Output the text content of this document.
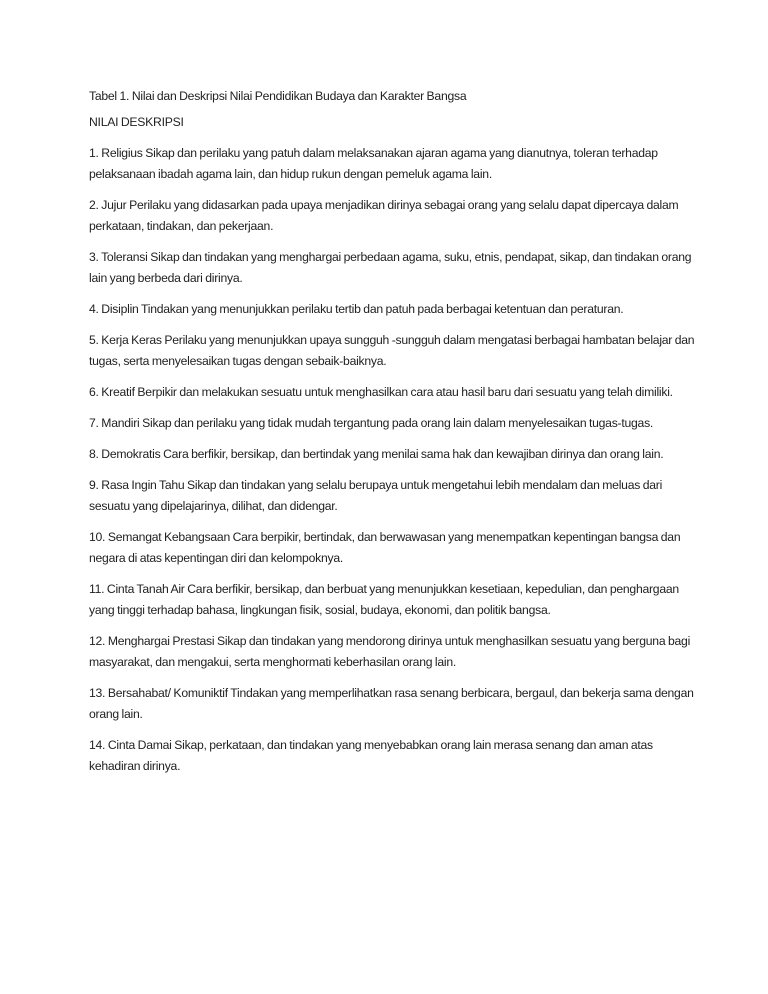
Tabel 1. Nilai dan Deskripsi Nilai Pendidikan Budaya dan Karakter Bangsa

NILAI DESKRIPSI

1. Religius Sikap dan perilaku yang patuh dalam melaksanakan ajaran agama yang dianutnya, toleran terhadap pelaksanaan ibadah agama lain, dan hidup rukun dengan pemeluk agama lain.
2. Jujur Perilaku yang didasarkan pada upaya menjadikan dirinya sebagai orang yang selalu dapat dipercaya dalam perkataan, tindakan, dan pekerjaan.
3. Toleransi Sikap dan tindakan yang menghargai perbedaan agama, suku, etnis, pendapat, sikap, dan tindakan orang lain yang berbeda dari dirinya.
4. Disiplin Tindakan yang menunjukkan perilaku tertib dan patuh pada berbagai ketentuan dan peraturan.
5. Kerja Keras Perilaku yang menunjukkan upaya sungguh -sungguh dalam mengatasi berbagai hambatan belajar dan tugas, serta menyelesaikan tugas dengan sebaik-baiknya.
6. Kreatif Berpikir dan melakukan sesuatu untuk menghasilkan cara atau hasil baru dari sesuatu yang telah dimiliki.
7. Mandiri Sikap dan perilaku yang tidak mudah tergantung pada orang lain dalam menyelesaikan tugas-tugas.
8. Demokratis Cara berfikir, bersikap, dan bertindak yang menilai sama hak dan kewajiban dirinya dan orang lain.
9. Rasa Ingin Tahu Sikap dan tindakan yang selalu berupaya untuk mengetahui lebih mendalam dan meluas dari sesuatu yang dipelajarinya, dilihat, dan didengar.
10. Semangat Kebangsaan Cara berpikir, bertindak, dan berwawasan yang menempatkan kepentingan bangsa dan negara di atas kepentingan diri dan kelompoknya.
11. Cinta Tanah Air Cara berfikir, bersikap, dan berbuat yang menunjukkan kesetiaan, kepedulian, dan penghargaan yang tinggi terhadap bahasa, lingkungan fisik, sosial, budaya, ekonomi, dan politik bangsa.
12. Menghargai Prestasi Sikap dan tindakan yang mendorong dirinya untuk menghasilkan sesuatu yang berguna bagi masyarakat, dan mengakui, serta menghormati keberhasilan orang lain.
13. Bersahabat/ Komuniktif Tindakan yang memperlihatkan rasa senang berbicara, bergaul, dan bekerja sama dengan orang lain.
14. Cinta Damai Sikap, perkataan, dan tindakan yang menyebabkan orang lain merasa senang dan aman atas kehadiran dirinya.
